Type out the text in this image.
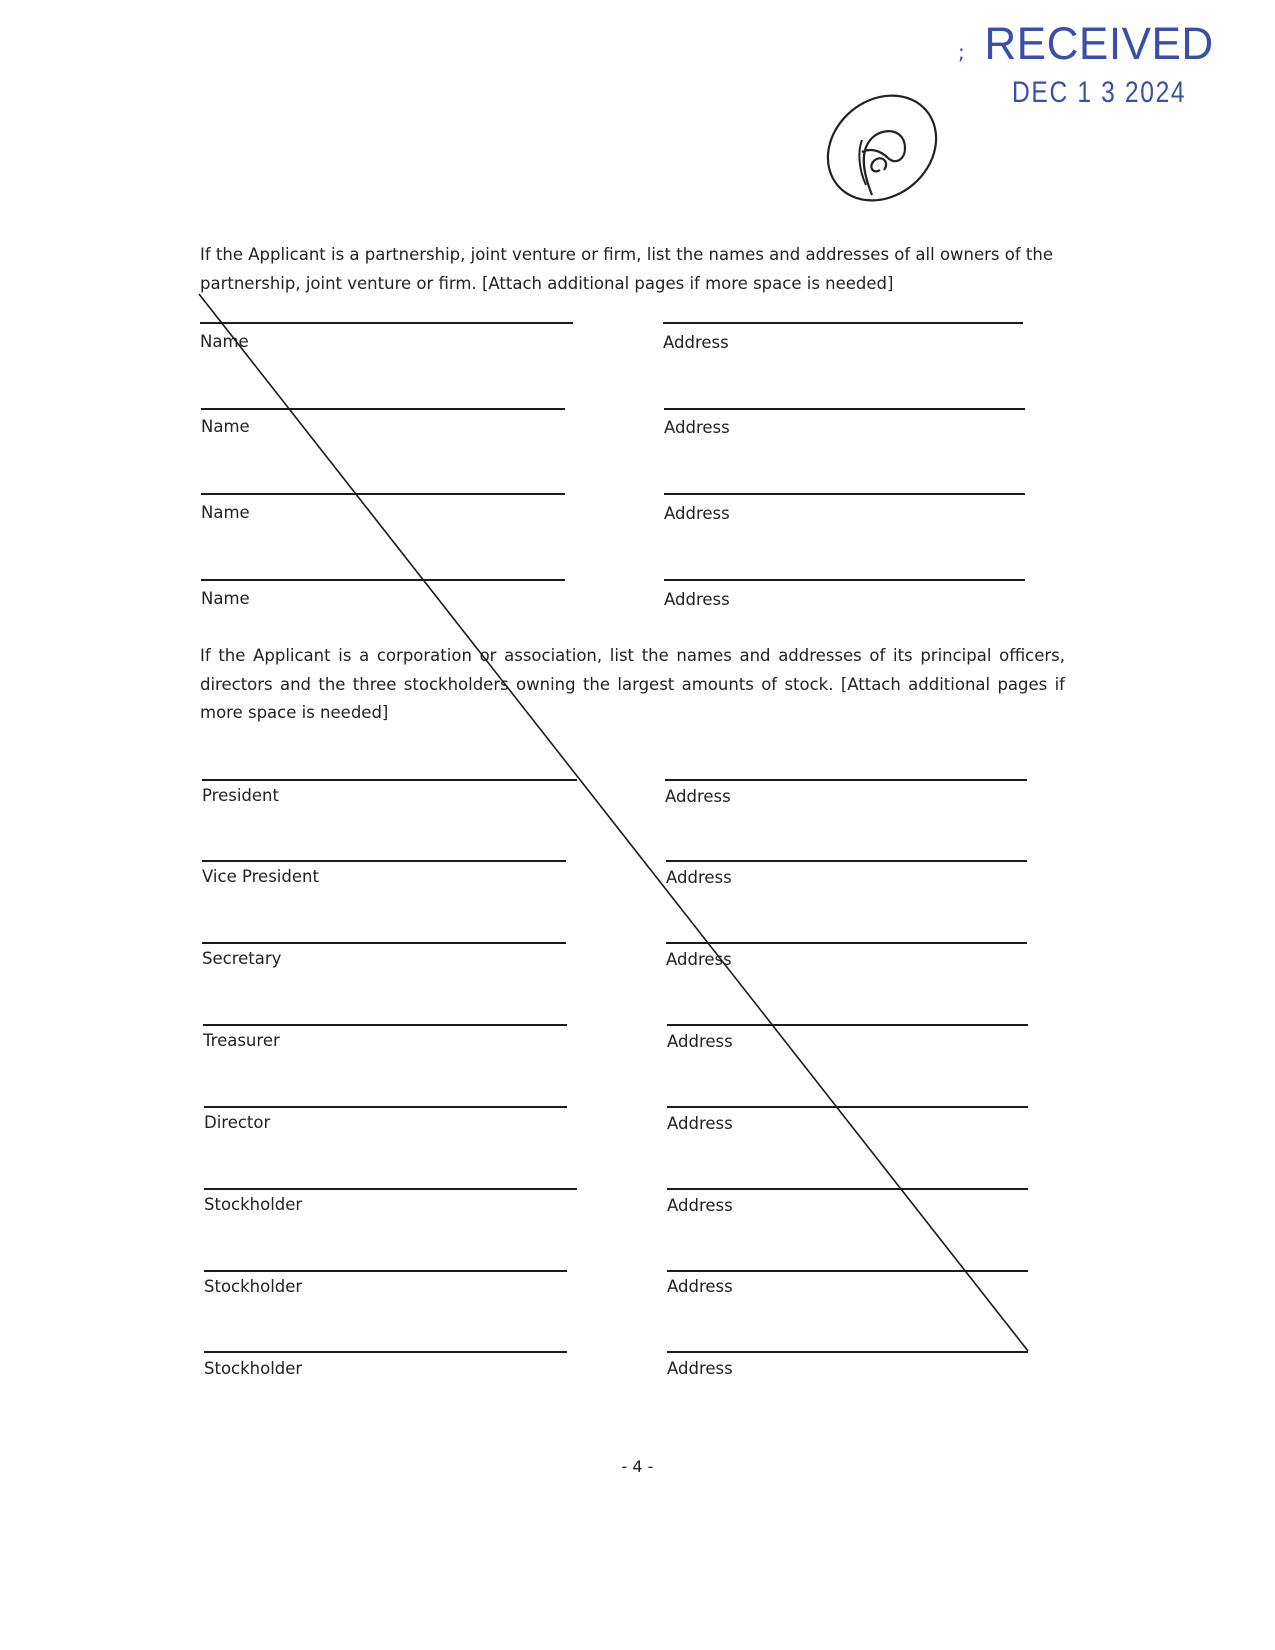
; RECEIVED
DEC 1 3 2024
If the Applicant is a partnership, joint venture or firm, list the names and addresses of all owners of the partnership, joint venture or firm. [Attach additional pages if more space is needed]
Name	Address
Name	Address
Name	Address
Name	Address
If the Applicant is a corporation or association, list the names and addresses of its principal officers, directors and the three stockholders owning the largest amounts of stock. [Attach additional pages if more space is needed]
President	Address
Vice President	Address
Secretary	Address
Treasurer	Address
Director	Address
Stockholder	Address
Stockholder	Address
Stockholder	Address
- 4 -
